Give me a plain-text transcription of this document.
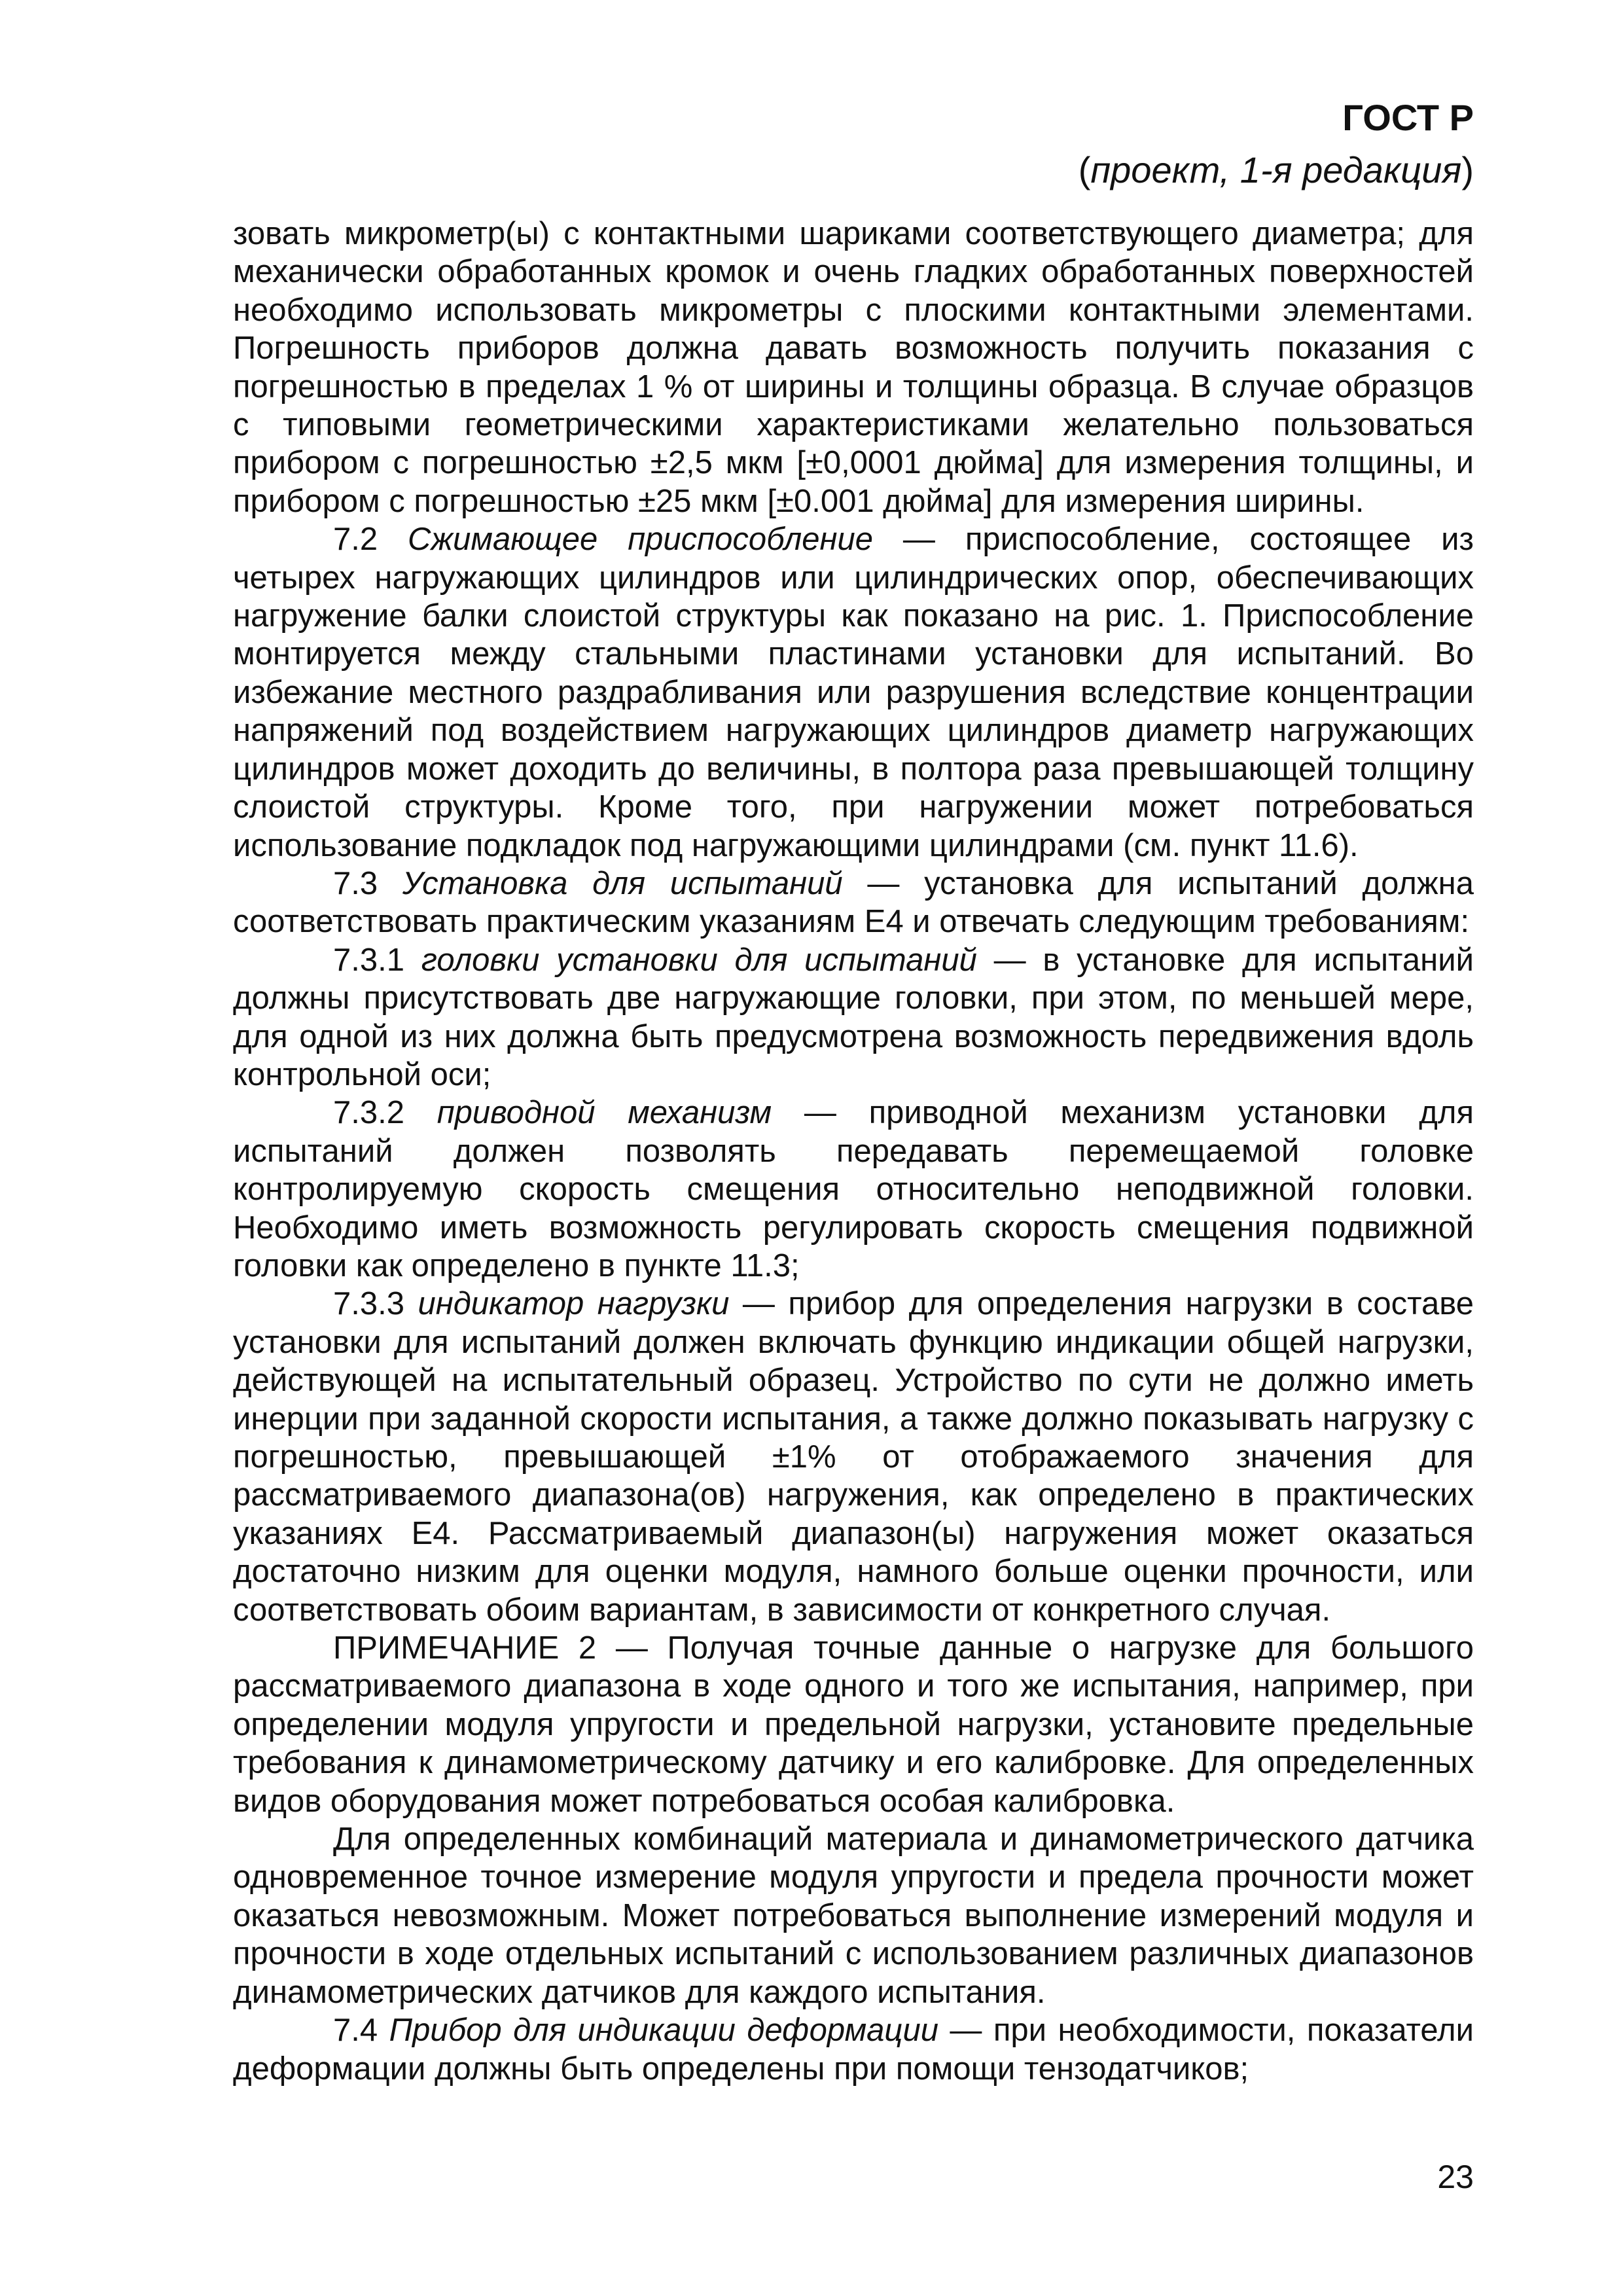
ГОСТ Р
(проект, 1-я редакция)

зовать микрометр(ы) с контактными шариками соответствующего диаметра; для механически обработанных кромок и очень гладких обработанных поверхностей необходимо использовать микрометры с плоскими контактными элементами. Погрешность приборов должна давать возможность получить показания с погрешностью в пределах 1 % от ширины и толщины образца. В случае образцов с типовыми геометрическими характеристиками желательно пользоваться прибором с погрешностью ±2,5 мкм [±0,0001 дюйма] для измерения толщины, и прибором с погрешностью ±25 мкм [±0.001 дюйма] для измерения ширины.

7.2 Сжимающее приспособление — приспособление, состоящее из четырех нагружающих цилиндров или цилиндрических опор, обеспечивающих нагружение балки слоистой структуры как показано на рис. 1. Приспособление монтируется между стальными пластинами установки для испытаний. Во избежание местного раздрабливания или разрушения вследствие концентрации напряжений под воздействием нагружающих цилиндров диаметр нагружающих цилиндров может доходить до величины, в полтора раза превышающей толщину слоистой структуры. Кроме того, при нагружении может потребоваться использование подкладок под нагружающими цилиндрами (см. пункт 11.6).

7.3 Установка для испытаний — установка для испытаний должна соответствовать практическим указаниям E4 и отвечать следующим требованиям:

7.3.1 головки установки для испытаний — в установке для испытаний должны присутствовать две нагружающие головки, при этом, по меньшей мере, для одной из них должна быть предусмотрена возможность передвижения вдоль контрольной оси;

7.3.2 приводной механизм — приводной механизм установки для испытаний должен позволять передавать перемещаемой головке контролируемую скорость смещения относительно неподвижной головки. Необходимо иметь возможность регулировать скорость смещения подвижной головки как определено в пункте 11.3;

7.3.3 индикатор нагрузки — прибор для определения нагрузки в составе установки для испытаний должен включать функцию индикации общей нагрузки, действующей на испытательный образец. Устройство по сути не должно иметь инерции при заданной скорости испытания, а также должно показывать нагрузку с погрешностью, превышающей ±1% от отображаемого значения для рассматриваемого диапазона(ов) нагружения, как определено в практических указаниях E4. Рассматриваемый диапазон(ы) нагружения может оказаться достаточно низким для оценки модуля, намного больше оценки прочности, или соответствовать обоим вариантам, в зависимости от конкретного случая.

ПРИМЕЧАНИЕ 2 — Получая точные данные о нагрузке для большого рассматриваемого диапазона в ходе одного и того же испытания, например, при определении модуля упругости и предельной нагрузки, установите предельные требования к динамометрическому датчику и его калибровке. Для определенных видов оборудования может потребоваться особая калибровка.

Для определенных комбинаций материала и динамометрического датчика одновременное точное измерение модуля упругости и предела прочности может оказаться невозможным. Может потребоваться выполнение измерений модуля и прочности в ходе отдельных испытаний с использованием различных диапазонов динамометрических датчиков для каждого испытания.

7.4 Прибор для индикации деформации — при необходимости, показатели деформации должны быть определены при помощи тензодатчиков;

23
